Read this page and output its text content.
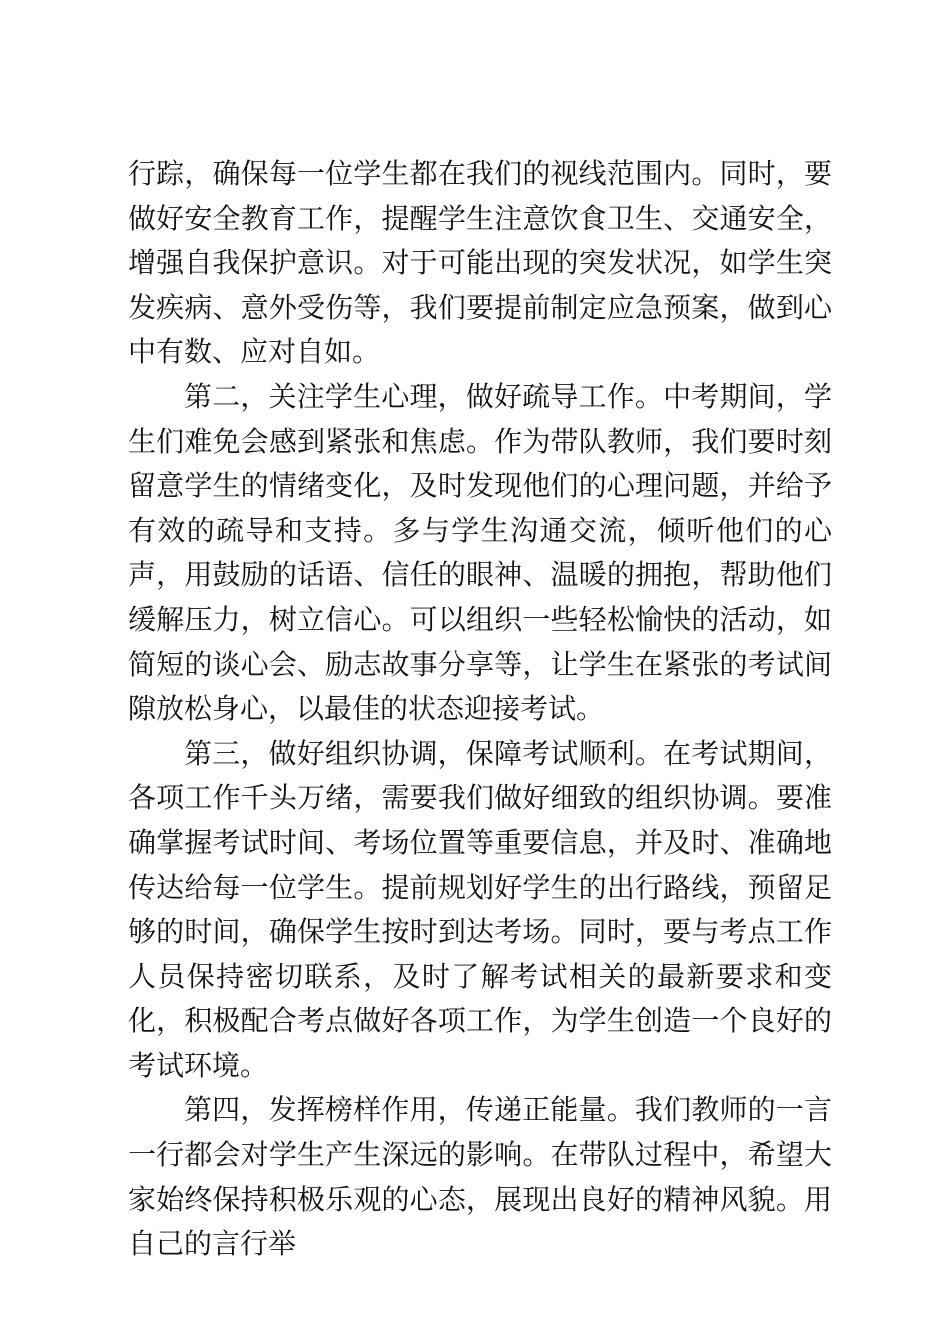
行踪，确保每一位学生都在我们的视线范围内。同时，要做好安全教育工作，提醒学生注意饮食卫生、交通安全，增强自我保护意识。对于可能出现的突发状况，如学生突发疾病、意外受伤等，我们要提前制定应急预案，做到心中有数、应对自如。

第二，关注学生心理，做好疏导工作。中考期间，学生们难免会感到紧张和焦虑。作为带队教师，我们要时刻留意学生的情绪变化，及时发现他们的心理问题，并给予有效的疏导和支持。多与学生沟通交流，倾听他们的心声，用鼓励的话语、信任的眼神、温暖的拥抱，帮助他们缓解压力，树立信心。可以组织一些轻松愉快的活动，如简短的谈心会、励志故事分享等，让学生在紧张的考试间隙放松身心，以最佳的状态迎接考试。

第三，做好组织协调，保障考试顺利。在考试期间，各项工作千头万绪，需要我们做好细致的组织协调。要准确掌握考试时间、考场位置等重要信息，并及时、准确地传达给每一位学生。提前规划好学生的出行路线，预留足够的时间，确保学生按时到达考场。同时，要与考点工作人员保持密切联系，及时了解考试相关的最新要求和变化，积极配合考点做好各项工作，为学生创造一个良好的考试环境。

第四，发挥榜样作用，传递正能量。我们教师的一言一行都会对学生产生深远的影响。在带队过程中，希望大家始终保持积极乐观的心态，展现出良好的精神风貌。用自己的言行举
